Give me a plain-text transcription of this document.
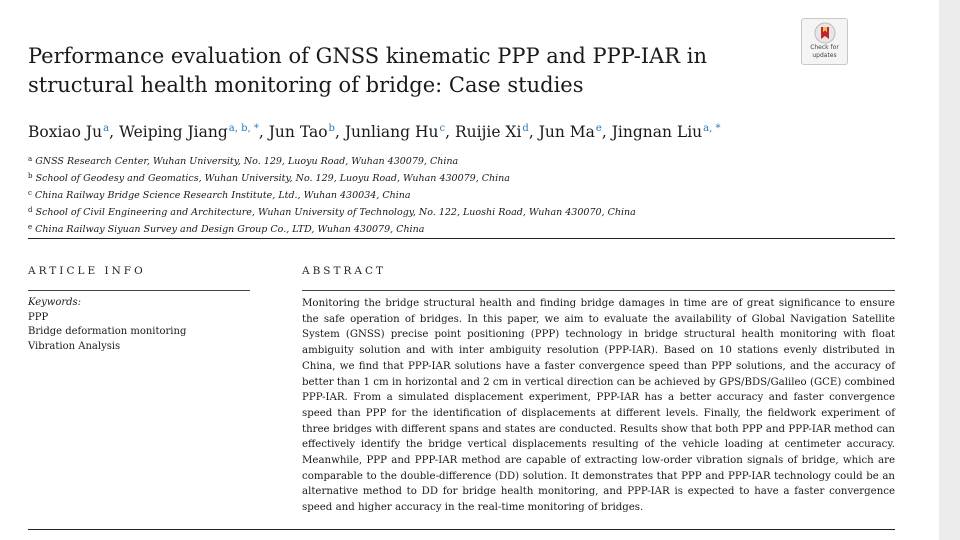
Performance evaluation of GNSS kinematic PPP and PPP-IAR in structural health monitoring of bridge: Case studies
Check for
updates
Boxiao Ju$^a$, Weiping Jiang$^{a, b, *}$, Jun Tao$^b$, Junliang Hu$^c$, Ruijie Xi$^d$, Jun Ma$^e$, Jingnan Liu$^{a, *}$
$^a$ GNSS Research Center, Wuhan University, No. 129, Luoyu Road, Wuhan 430079, China
$^b$ School of Geodesy and Geomatics, Wuhan University, No. 129, Luoyu Road, Wuhan 430079, China
$^c$ China Railway Bridge Science Research Institute, Ltd., Wuhan 430034, China
$^d$ School of Civil Engineering and Architecture, Wuhan University of Technology, No. 122, Luoshi Road, Wuhan 430070, China
$^e$ China Railway Siyuan Survey and Design Group Co., LTD, Wuhan 430079, China
ARTICLE INFO	ABSTRACT
Keywords:
PPP
Bridge deformation monitoring
Vibration Analysis

Monitoring the bridge structural health and finding bridge damages in time are of great significance to ensure the safe operation of bridges. In this paper, we aim to evaluate the availability of Global Navigation Satellite System (GNSS) precise point positioning (PPP) technology in bridge structural health monitoring with float ambiguity solution and with inter ambiguity resolution (PPP-IAR). Based on 10 stations evenly distributed in China, we find that PPP-IAR solutions have a faster convergence speed than PPP solutions, and the accuracy of better than 1 cm in horizontal and 2 cm in vertical direction can be achieved by GPS/BDS/Galileo (GCE) combined PPP-IAR. From a simulated displacement experiment, PPP-IAR has a better accuracy and faster convergence speed than PPP for the identification of displacements at different levels. Finally, the fieldwork experiment of three bridges with different spans and states are conducted. Results show that both PPP and PPP-IAR method can effectively identify the bridge vertical displacements resulting of the vehicle loading at centimeter accuracy. Meanwhile, PPP and PPP-IAR method are capable of extracting low-order vibration signals of bridge, which are comparable to the double-difference (DD) solution. It demonstrates that PPP and PPP-IAR technology could be an alternative method to DD for bridge health monitoring, and PPP-IAR is expected to have a faster convergence speed and higher accuracy in the real-time monitoring of bridges.
